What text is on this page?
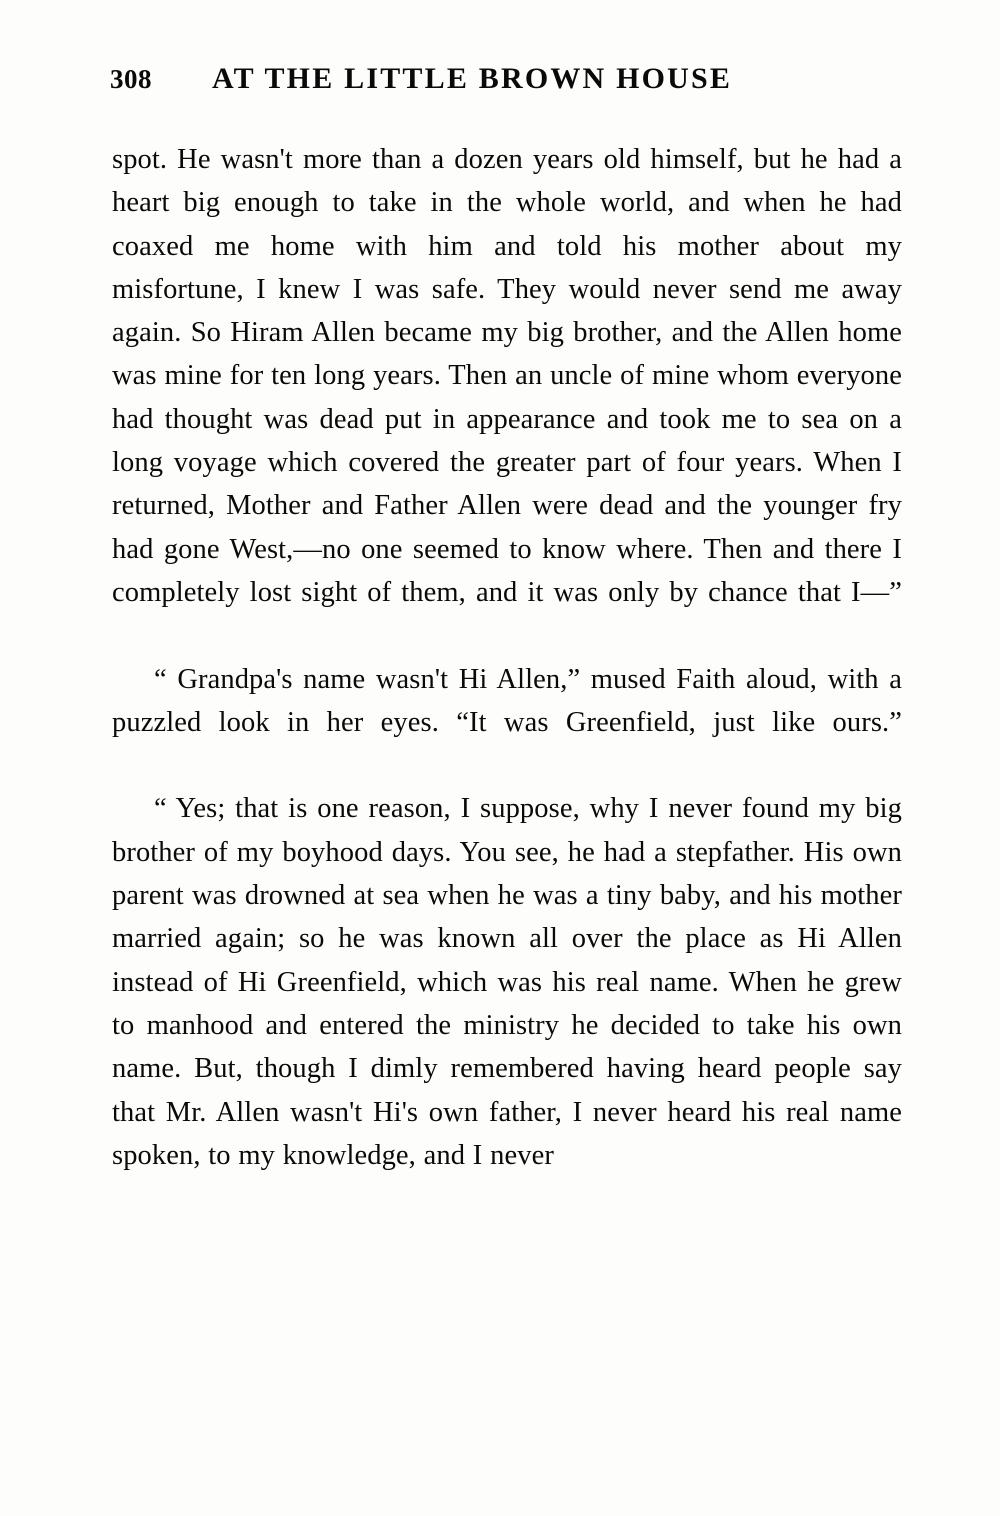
308 AT THE LITTLE BROWN HOUSE

spot. He wasn't more than a dozen years old himself, but he had a heart big enough to take in the whole world, and when he had coaxed me home with him and told his mother about my misfortune, I knew I was safe. They would never send me away again. So Hiram Allen became my big brother, and the Allen home was mine for ten long years. Then an uncle of mine whom everyone had thought was dead put in appearance and took me to sea on a long voyage which covered the greater part of four years. When I returned, Mother and Father Allen were dead and the younger fry had gone West,—no one seemed to know where. Then and there I completely lost sight of them, and it was only by chance that I—”

“ Grandpa's name wasn't Hi Allen,” mused Faith aloud, with a puzzled look in her eyes. “It was Greenfield, just like ours.”

“ Yes; that is one reason, I suppose, why I never found my big brother of my boyhood days. You see, he had a stepfather. His own parent was drowned at sea when he was a tiny baby, and his mother married again; so he was known all over the place as Hi Allen instead of Hi Greenfield, which was his real name. When he grew to manhood and entered the ministry he decided to take his own name. But, though I dimly remembered having heard people say that Mr. Allen wasn't Hi's own father, I never heard his real name spoken, to my knowledge, and I never
